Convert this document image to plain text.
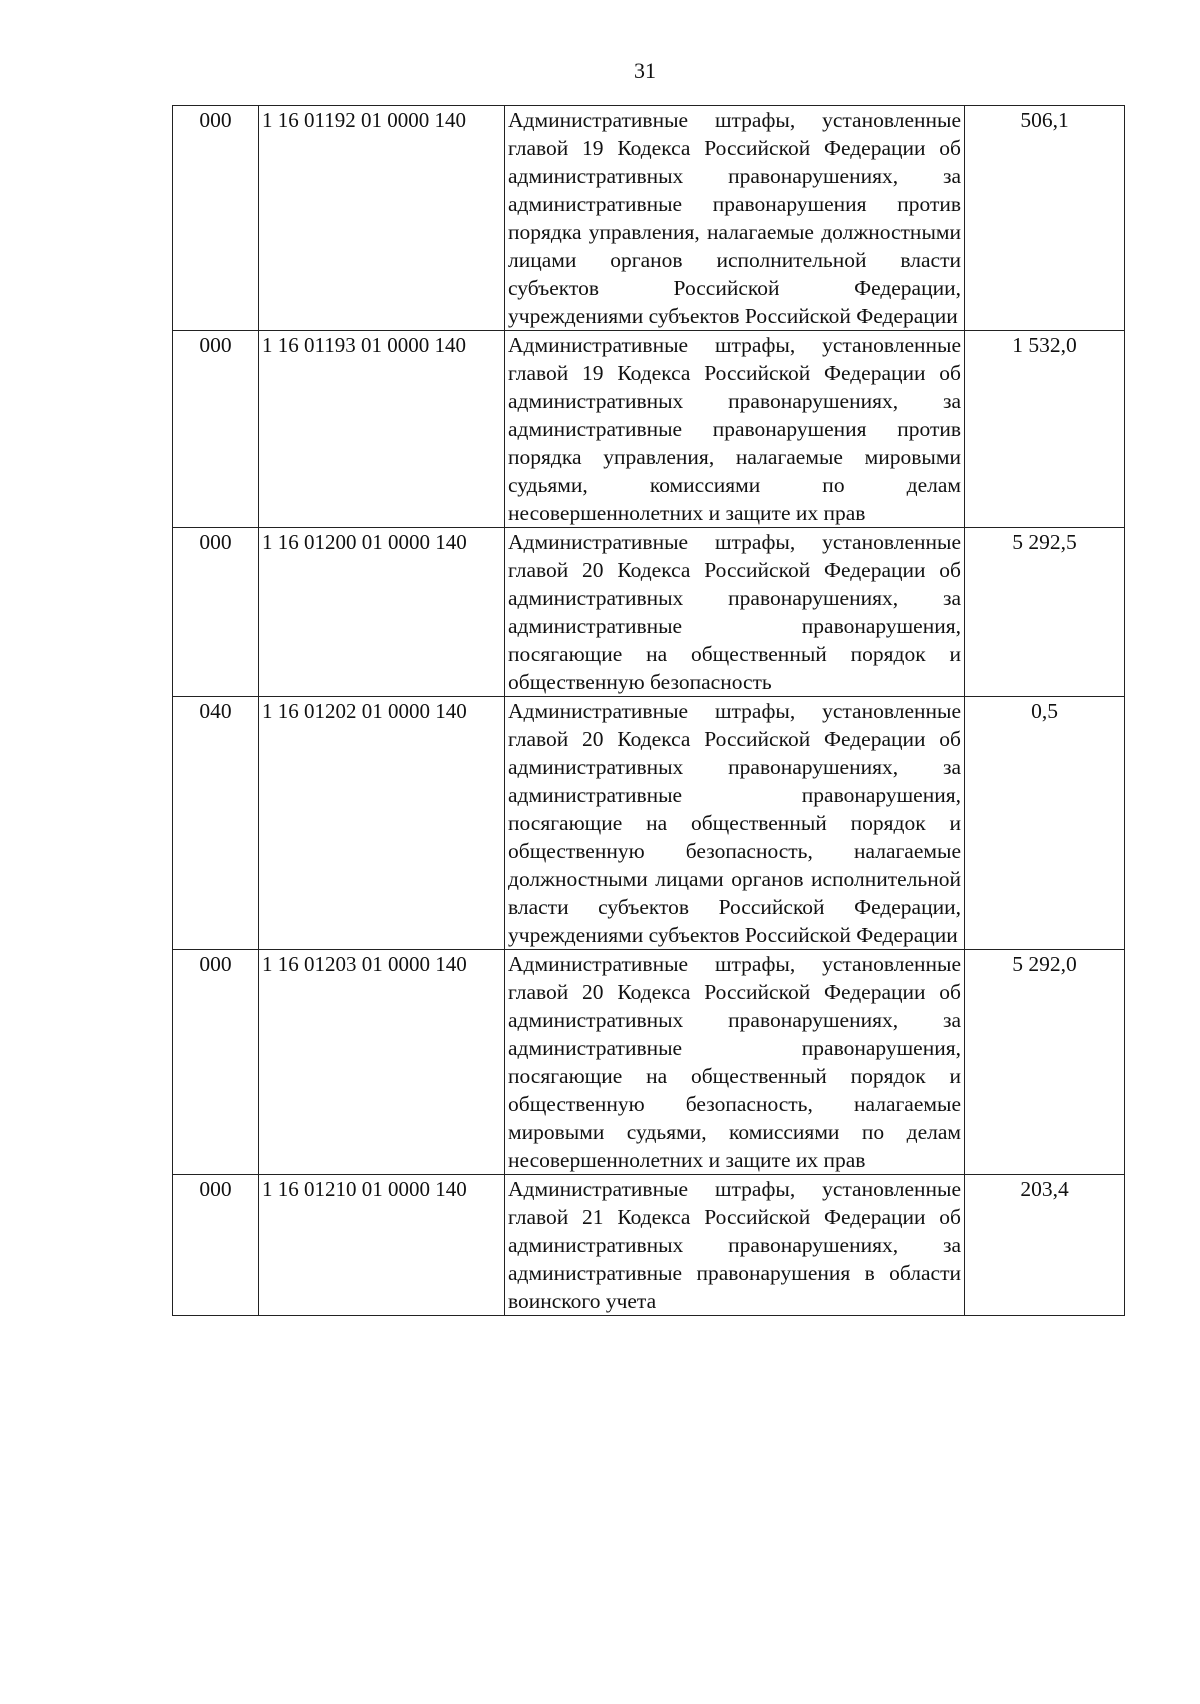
31
000	1 16 01192 01 0000 140	Административные штрафы, установленные главой 19 Кодекса Российской Федерации об административных правонарушениях, за административные правонарушения против порядка управления, налагаемые должностными лицами органов исполнительной власти субъектов Российской Федерации, учреждениями субъектов Российской Федерации	506,1
000	1 16 01193 01 0000 140	Административные штрафы, установленные главой 19 Кодекса Российской Федерации об административных правонарушениях, за административные правонарушения против порядка управления, налагаемые мировыми судьями, комиссиями по делам несовершеннолетних и защите их прав	1 532,0
000	1 16 01200 01 0000 140	Административные штрафы, установленные главой 20 Кодекса Российской Федерации об административных правонарушениях, за административные правонарушения, посягающие на общественный порядок и общественную безопасность	5 292,5
040	1 16 01202 01 0000 140	Административные штрафы, установленные главой 20 Кодекса Российской Федерации об административных правонарушениях, за административные правонарушения, посягающие на общественный порядок и общественную безопасность, налагаемые должностными лицами органов исполнительной власти субъектов Российской Федерации, учреждениями субъектов Российской Федерации	0,5
000	1 16 01203 01 0000 140	Административные штрафы, установленные главой 20 Кодекса Российской Федерации об административных правонарушениях, за административные правонарушения, посягающие на общественный порядок и общественную безопасность, налагаемые мировыми судьями, комиссиями по делам несовершеннолетних и защите их прав	5 292,0
000	1 16 01210 01 0000 140	Административные штрафы, установленные главой 21 Кодекса Российской Федерации об административных правонарушениях, за административные правонарушения в области воинского учета	203,4
